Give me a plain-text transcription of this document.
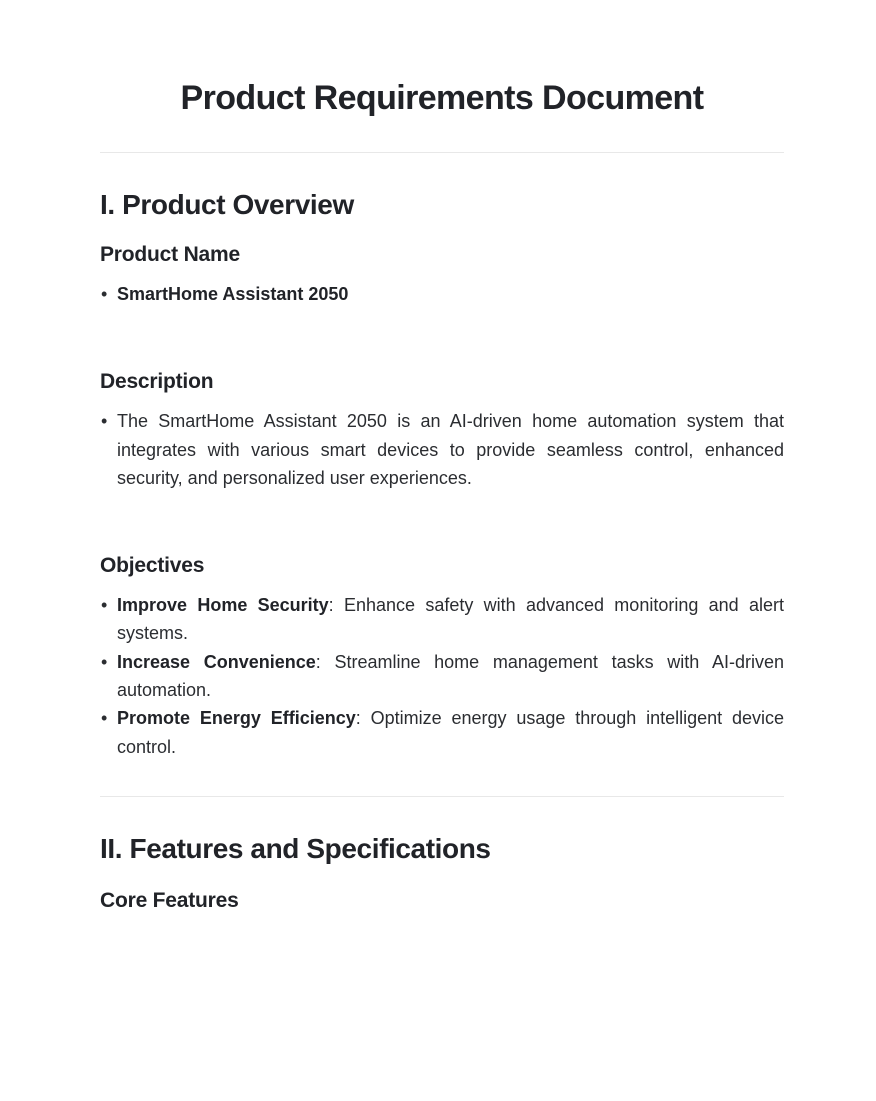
Product Requirements Document
I. Product Overview
Product Name
• SmartHome Assistant 2050
Description
• The SmartHome Assistant 2050 is an AI-driven home automation system that integrates with various smart devices to provide seamless control, enhanced security, and personalized user experiences.
Objectives
• Improve Home Security: Enhance safety with advanced monitoring and alert systems.
• Increase Convenience: Streamline home management tasks with AI-driven automation.
• Promote Energy Efficiency: Optimize energy usage through intelligent device control.
II. Features and Specifications
Core Features
